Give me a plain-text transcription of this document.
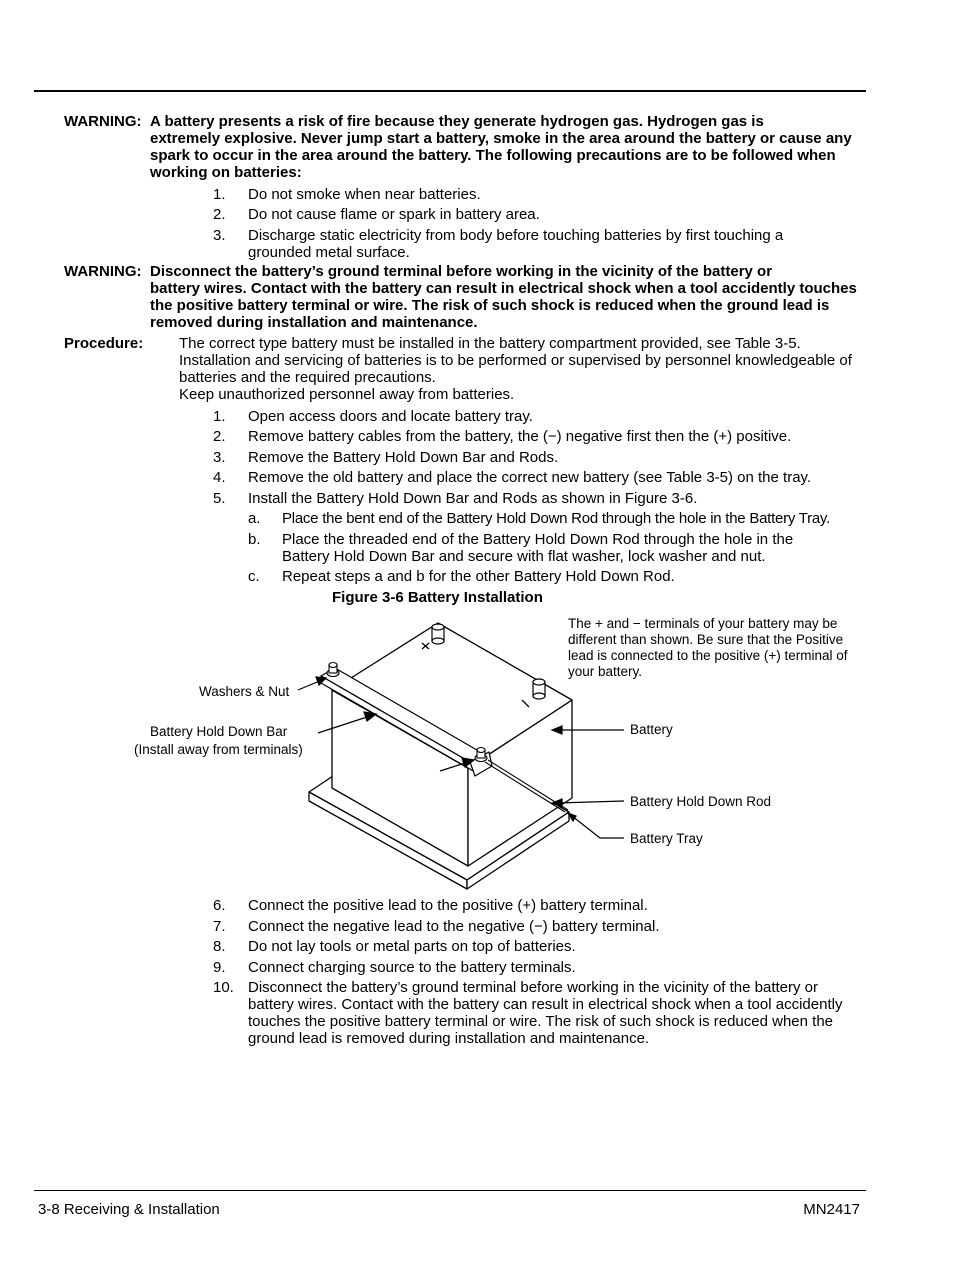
WARNING: A battery presents a risk of fire because they generate hydrogen gas. Hydrogen gas is
extremely explosive. Never jump start a battery, smoke in the area around the battery or cause any spark to occur in the area around the battery. The following precautions are to be followed when working on batteries:
1. Do not smoke when near batteries.
2. Do not cause flame or spark in battery area.
3. Discharge static electricity from body before touching batteries by first touching a grounded metal surface.
WARNING: Disconnect the battery’s ground terminal before working in the vicinity of the battery or
battery wires. Contact with the battery can result in electrical shock when a tool accidently touches the positive battery terminal or wire. The risk of such shock is reduced when the ground lead is removed during installation and maintenance.
Procedure: The correct type battery must be installed in the battery compartment provided, see Table 3-5. Installation and servicing of batteries is to be performed or supervised by personnel knowledgeable of batteries and the required precautions.
Keep unauthorized personnel away from batteries.
1. Open access doors and locate battery tray.
2. Remove battery cables from the battery, the (−) negative first then the (+) positive.
3. Remove the Battery Hold Down Bar and Rods.
4. Remove the old battery and place the correct new battery (see Table 3-5) on the tray.
5. Install the Battery Hold Down Bar and Rods as shown in Figure 3-6.
a. Place the bent end of the Battery Hold Down Rod through the hole in the Battery Tray.
b. Place the threaded end of the Battery Hold Down Rod through the hole in the Battery Hold Down Bar and secure with flat washer, lock washer and nut.
c. Repeat steps a and b for the other Battery Hold Down Rod.
Figure 3-6 Battery Installation
The + and − terminals of your battery may be different than shown. Be sure that the Positive lead is connected to the positive (+) terminal of your battery.
Washers & Nut
Battery Hold Down Bar
(Install away from terminals)
Battery
Battery Hold Down Rod
Battery Tray
6. Connect the positive lead to the positive (+) battery terminal.
7. Connect the negative lead to the negative (−) battery terminal.
8. Do not lay tools or metal parts on top of batteries.
9. Connect charging source to the battery terminals.
10. Disconnect the battery’s ground terminal before working in the vicinity of the battery or battery wires. Contact with the battery can result in electrical shock when a tool accidently touches the positive battery terminal or wire. The risk of such shock is reduced when the ground lead is removed during installation and maintenance.
3-8 Receiving & Installation	MN2417
